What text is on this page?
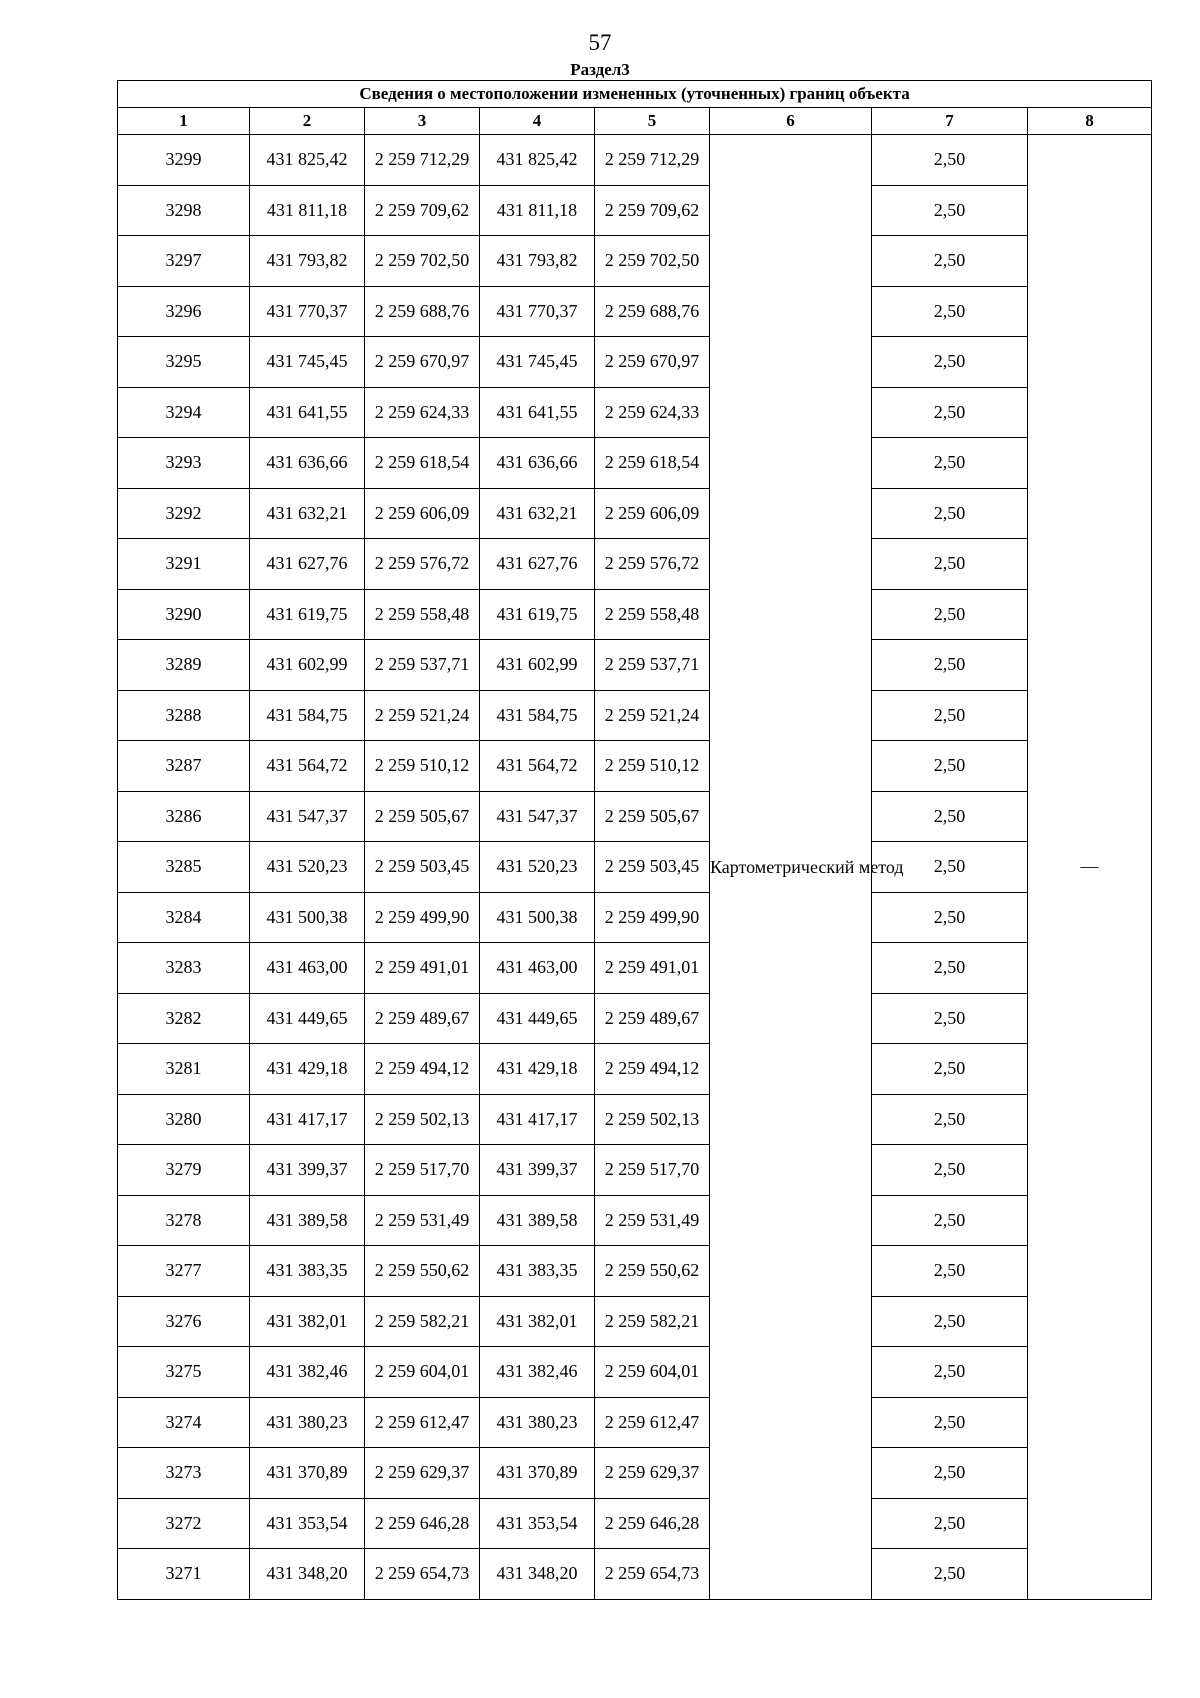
57
Раздел3
Сведения о местоположении измененных (уточненных) границ объекта							
1	2	3	4	5	6	7	8
3299	431 825,42	2 259 712,29	431 825,42	2 259 712,29	Картометрический метод	2,50	—
3298	431 811,18	2 259 709,62	431 811,18	2 259 709,62		2,50	
3297	431 793,82	2 259 702,50	431 793,82	2 259 702,50		2,50	
3296	431 770,37	2 259 688,76	431 770,37	2 259 688,76		2,50	
3295	431 745,45	2 259 670,97	431 745,45	2 259 670,97		2,50	
3294	431 641,55	2 259 624,33	431 641,55	2 259 624,33		2,50	
3293	431 636,66	2 259 618,54	431 636,66	2 259 618,54		2,50	
3292	431 632,21	2 259 606,09	431 632,21	2 259 606,09		2,50	
3291	431 627,76	2 259 576,72	431 627,76	2 259 576,72		2,50	
3290	431 619,75	2 259 558,48	431 619,75	2 259 558,48		2,50	
3289	431 602,99	2 259 537,71	431 602,99	2 259 537,71		2,50	
3288	431 584,75	2 259 521,24	431 584,75	2 259 521,24		2,50	
3287	431 564,72	2 259 510,12	431 564,72	2 259 510,12		2,50	
3286	431 547,37	2 259 505,67	431 547,37	2 259 505,67		2,50	
3285	431 520,23	2 259 503,45	431 520,23	2 259 503,45		2,50	
3284	431 500,38	2 259 499,90	431 500,38	2 259 499,90		2,50	
3283	431 463,00	2 259 491,01	431 463,00	2 259 491,01		2,50	
3282	431 449,65	2 259 489,67	431 449,65	2 259 489,67		2,50	
3281	431 429,18	2 259 494,12	431 429,18	2 259 494,12		2,50	
3280	431 417,17	2 259 502,13	431 417,17	2 259 502,13		2,50	
3279	431 399,37	2 259 517,70	431 399,37	2 259 517,70		2,50	
3278	431 389,58	2 259 531,49	431 389,58	2 259 531,49		2,50	
3277	431 383,35	2 259 550,62	431 383,35	2 259 550,62		2,50	
3276	431 382,01	2 259 582,21	431 382,01	2 259 582,21		2,50	
3275	431 382,46	2 259 604,01	431 382,46	2 259 604,01		2,50	
3274	431 380,23	2 259 612,47	431 380,23	2 259 612,47		2,50	
3273	431 370,89	2 259 629,37	431 370,89	2 259 629,37		2,50	
3272	431 353,54	2 259 646,28	431 353,54	2 259 646,28		2,50	
3271	431 348,20	2 259 654,73	431 348,20	2 259 654,73		2,50	
